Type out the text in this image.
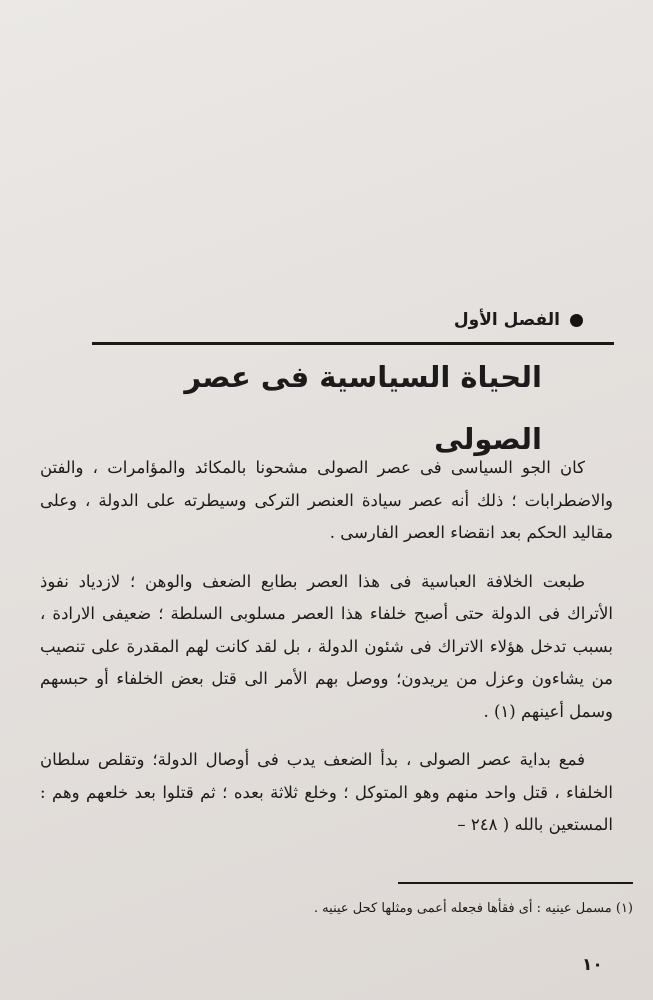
الفصل الأول
الحياة السياسية فى عصر الصولى

كان الجو السياسى فى عصر الصولى مشحونا بالمكائد والمؤامرات ، والفتن والاضطرابات ؛ ذلك أنه عصر سيادة العنصر التركى وسيطرته على الدولة ، وعلى مقاليد الحكم بعد انقضاء العصر الفارسى .

طبعت الخلافة العباسية فى هذا العصر بطابع الضعف والوهن ؛ لازدياد نفوذ الأتراك فى الدولة حتى أصبح خلفاء هذا العصر مسلوبى السلطة ؛ ضعيفى الارادة ، بسبب تدخل هؤلاء الاتراك فى شئون الدولة ، بل لقد كانت لهم المقدرة على تنصيب من يشاءون وعزل من يريدون؛ ووصل بهم الأمر الى قتل بعض الخلفاء أو حبسهم وسمل أعينهم (١) .

فمع بداية عصر الصولى ، بدأ الضعف يدب فى أوصال الدولة؛ وتقلص سلطان الخلفاء ، قتل واحد منهم وهو المتوكل ؛ وخلع ثلاثة بعده ؛ ثم قتلوا بعد خلعهم وهم : المستعين بالله ( ٢٤٨ –

(١) مسمل عينيه : أى فقأها فجعله أعمى ومثلها كحل عينيه .
١٠
